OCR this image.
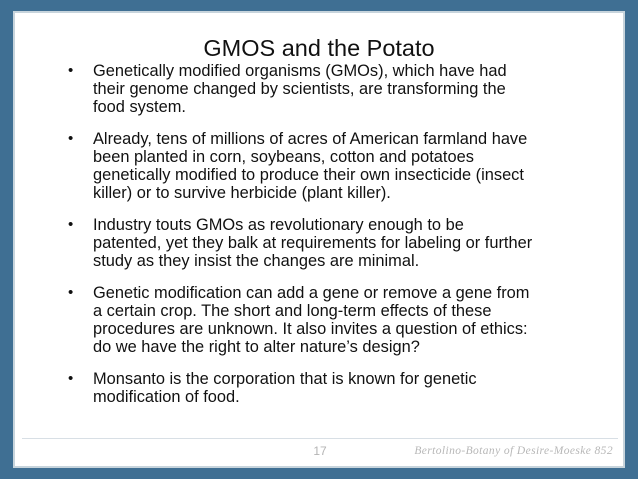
GMOS and the Potato
• Genetically modified organisms (GMOs), which have had
their genome changed by scientists, are transforming the
food system.
• Already, tens of millions of acres of American farmland have
been planted in corn, soybeans, cotton and potatoes
genetically modified to produce their own insecticide (insect
killer) or to survive herbicide (plant killer).
• Industry touts GMOs as revolutionary enough to be
patented, yet they balk at requirements for labeling or further
study as they insist the changes are minimal.
• Genetic modification can add a gene or remove a gene from
a certain crop. The short and long-term effects of these
procedures are unknown. It also invites a question of ethics:
do we have the right to alter nature’s design?
• Monsanto is the corporation that is known for genetic
modification of food.
17	Bertolino-Botany of Desire-Moeske 852
